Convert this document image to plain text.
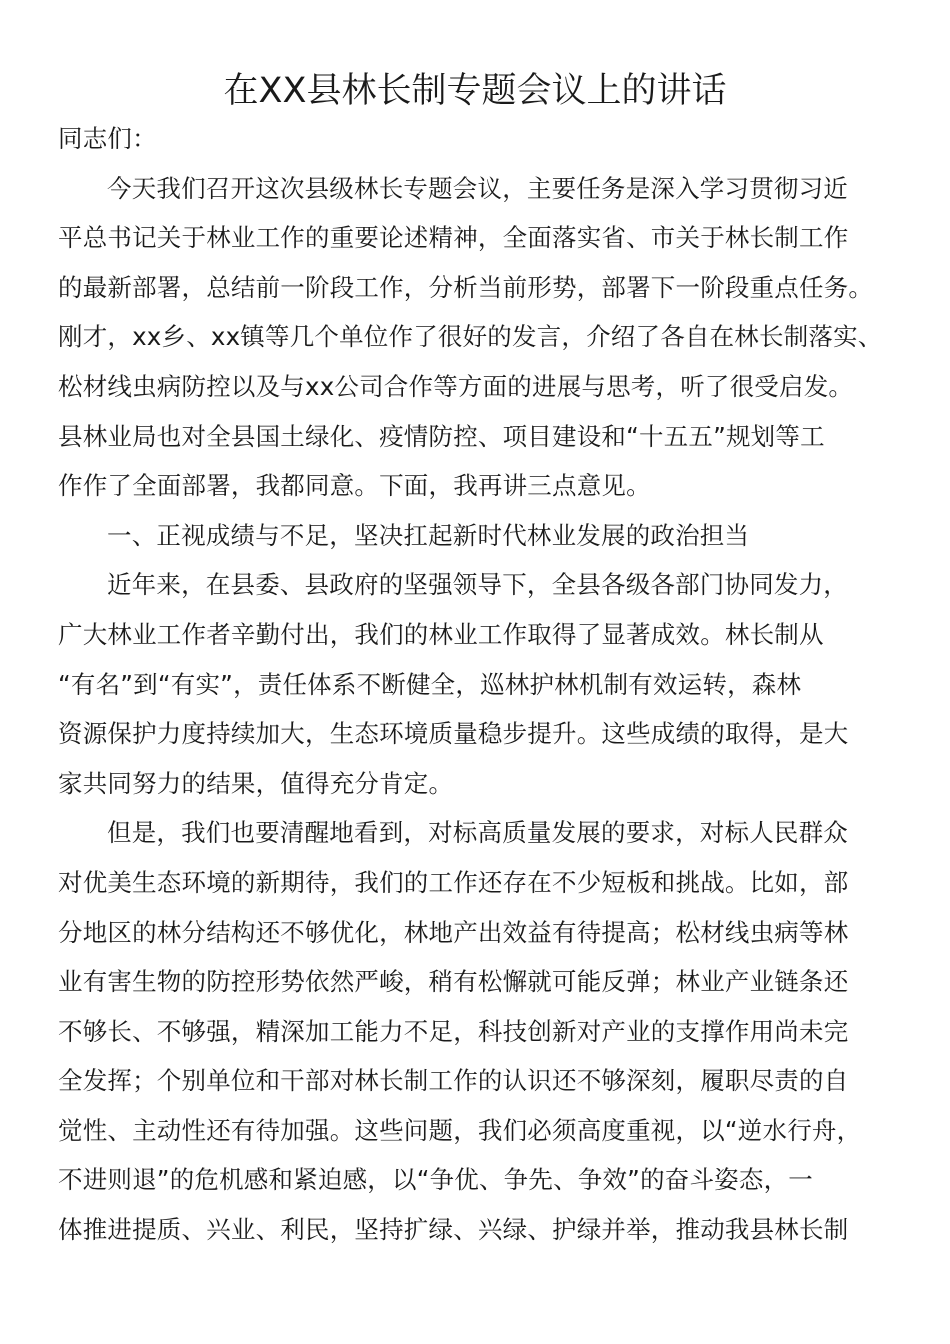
在XX县林长制专题会议上的讲话
同志们：
今天我们召开这次县级林长专题会议，主要任务是深入学习贯彻习近
平总书记关于林业工作的重要论述精神，全面落实省、市关于林长制工作
的最新部署，总结前一阶段工作，分析当前形势，部署下一阶段重点任务。
刚才，xx乡、xx镇等几个单位作了很好的发言，介绍了各自在林长制落实、
松材线虫病防控以及与xx公司合作等方面的进展与思考，听了很受启发。
县林业局也对全县国土绿化、疫情防控、项目建设和“十五五”规划等工
作作了全面部署，我都同意。下面，我再讲三点意见。
一、正视成绩与不足，坚决扛起新时代林业发展的政治担当
近年来，在县委、县政府的坚强领导下，全县各级各部门协同发力，
广大林业工作者辛勤付出，我们的林业工作取得了显著成效。林长制从
“有名”到“有实”，责任体系不断健全，巡林护林机制有效运转，森林
资源保护力度持续加大，生态环境质量稳步提升。这些成绩的取得，是大
家共同努力的结果，值得充分肯定。
但是，我们也要清醒地看到，对标高质量发展的要求，对标人民群众
对优美生态环境的新期待，我们的工作还存在不少短板和挑战。比如，部
分地区的林分结构还不够优化，林地产出效益有待提高；松材线虫病等林
业有害生物的防控形势依然严峻，稍有松懈就可能反弹；林业产业链条还
不够长、不够强，精深加工能力不足，科技创新对产业的支撑作用尚未完
全发挥；个别单位和干部对林长制工作的认识还不够深刻，履职尽责的自
觉性、主动性还有待加强。这些问题，我们必须高度重视，以“逆水行舟，
不进则退”的危机感和紧迫感，以“争优、争先、争效”的奋斗姿态，一
体推进提质、兴业、利民，坚持扩绿、兴绿、护绿并举，推动我县林长制
